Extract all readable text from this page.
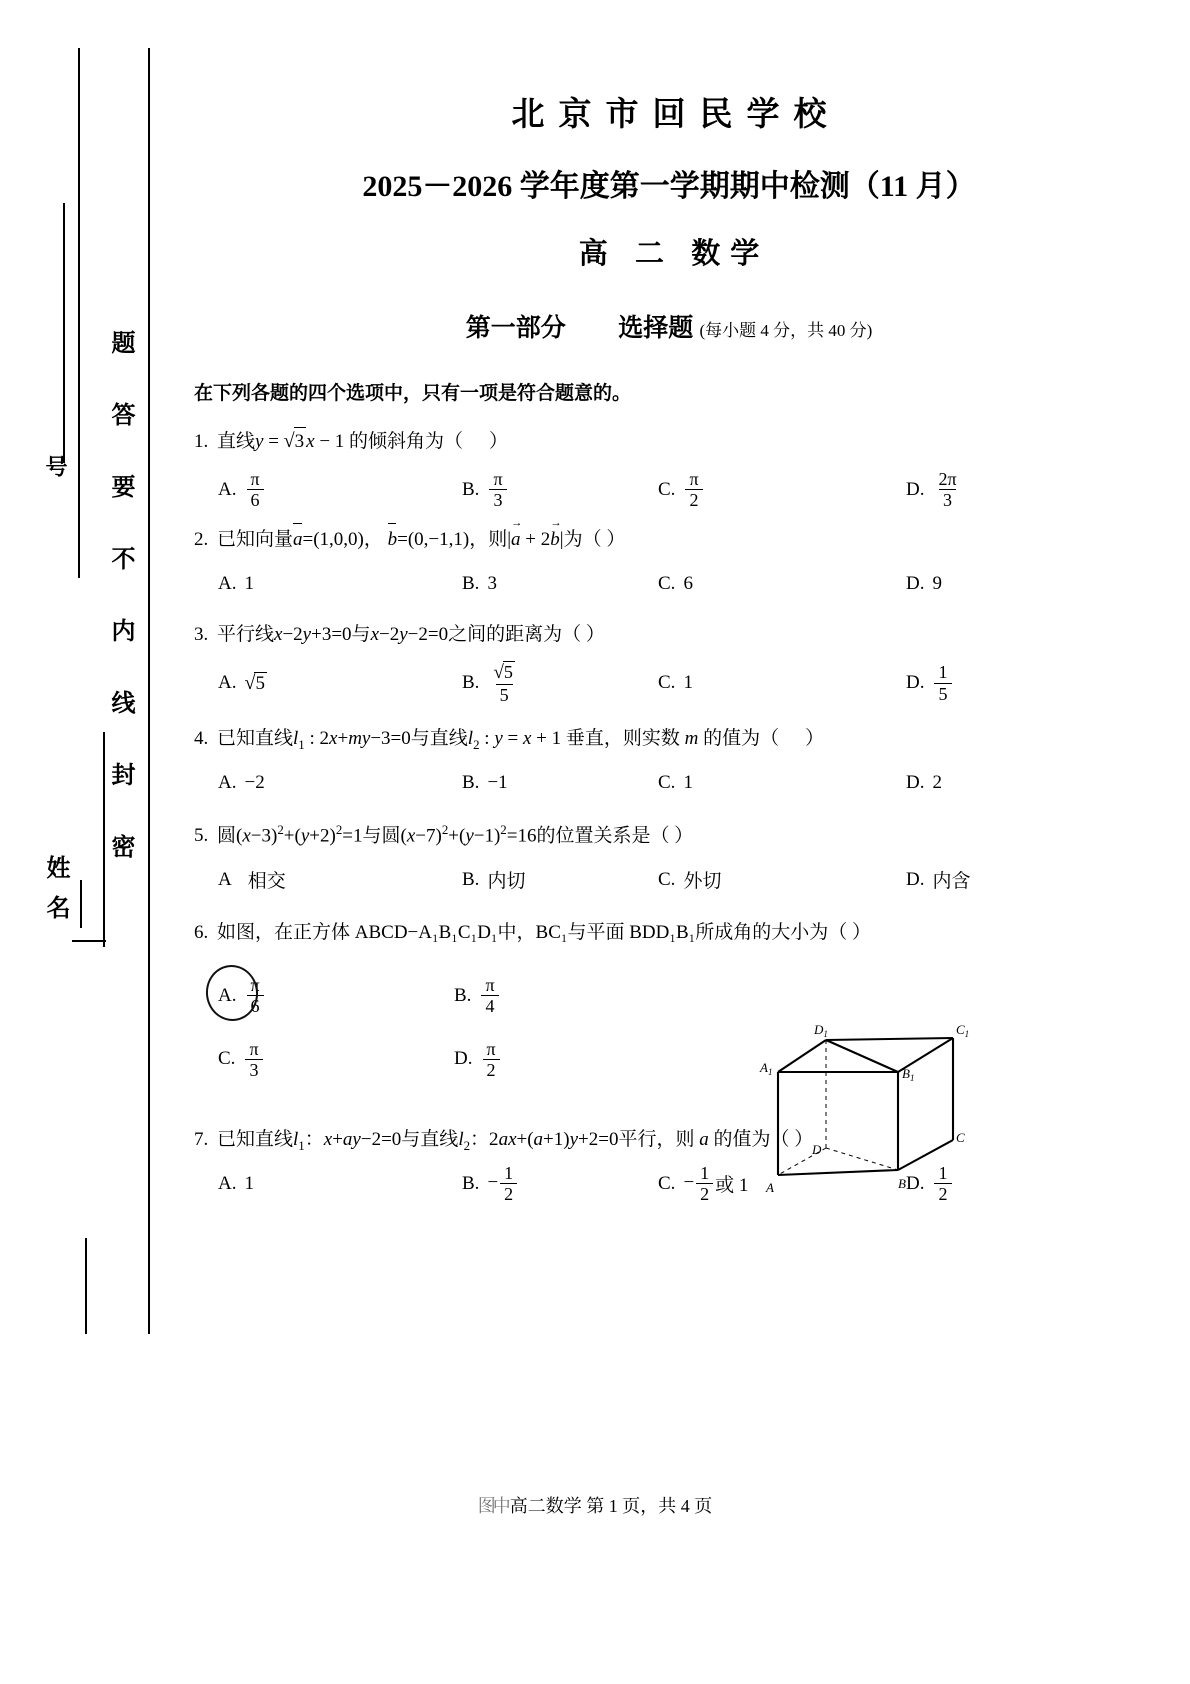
题答要不内线封密
姓名
号
北京市回民学校
2025－2026 学年度第一学期期中检测（11 月）
高 二 数学
第一部分 选择题 (每小题 4 分，共 40 分)
在下列各题的四个选项中，只有一项是符合题意的。
1. 直线y = √3 x − 1 的倾斜角为（ ）
A. $\frac{\pi}{6}$	B. $\frac{\pi}{3}$	C. $\frac{\pi}{2}$	D. $\frac{2\pi}{3}$
2. 已知向量a=(1,0,0)， b=(0,−1,1)，则|a → + 2b →|为（ ）
A. 1	B. 3	C. 6	D. 9
3. 平行线x−2y+3=0与x−2y−2=0之间的距离为（ ）
A. √5	B. $\frac{√5}{5}$	C. 1	D. $\frac{1}{5}$
4. 已知直线$l_1$ : 2x+my−3=0与直线$l_2$ : y = x + 1 垂直，则实数 m 的值为（ ）
A. −2	B. −1	C. 1	D. 2
5. 圆$(x-3)^2+(y+2)^2=1$与圆$(x-7)^2+(y-1)^2=16$的位置关系是（ ）
A 相交	B. 内切	C. 外切	D. 内含
6. 如图，在正方体 ABCD−A₁B₁C₁D₁中，BC₁与平面 BDD₁B₁所成角的大小为（ ）
A. $\frac{\pi}{6}$	B. $\frac{\pi}{4}$
C. $\frac{\pi}{3}$	D. $\frac{\pi}{2}$
7. 已知直线$l_1$：x+ay−2=0与直线$l_2$：2ax+(a+1)y+2=0平行，则 a 的值为（ ）
A. 1	B. − $\frac{1}{2}$	C. − $\frac{1}{2}$ 或 1	D. $\frac{1}{2}$
$D_1$	$C_1$
$A_1$	$B_1$
D
C
A	B
图中 高二数学 第 1 页，共 4 页
